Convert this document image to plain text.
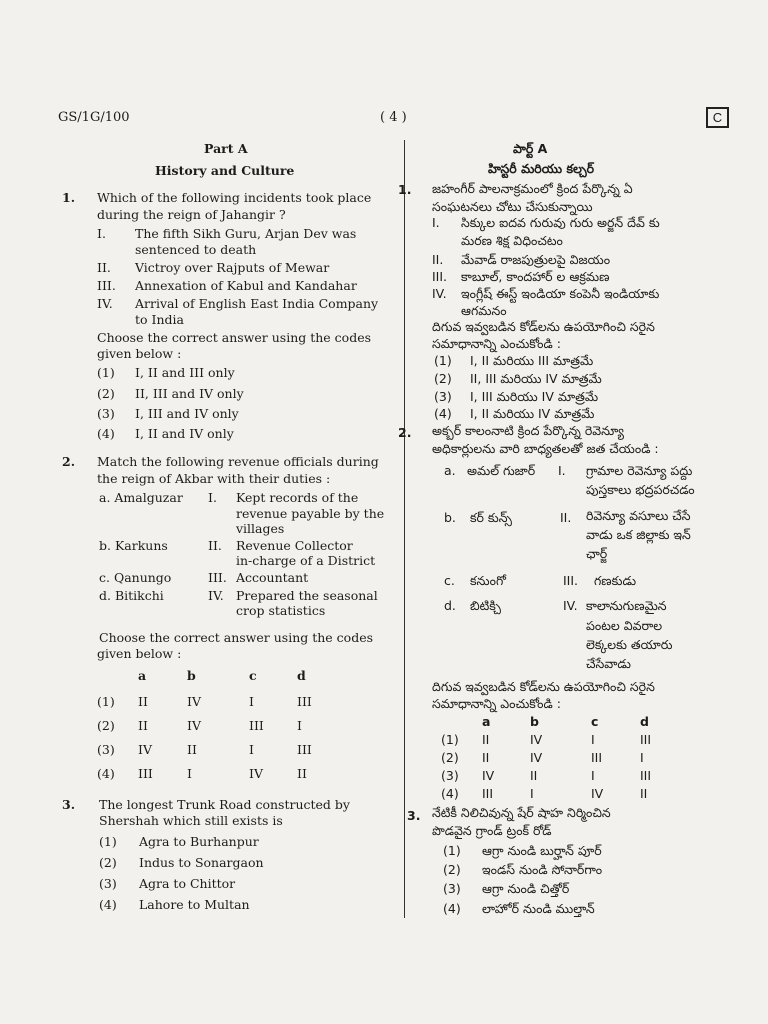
GS/1G/100	( 4 )	C
Part A
History and Culture
1. Which of the following incidents took place
during the reign of Jahangir ?
I. The fifth Sikh Guru, Arjan Dev was
sentenced to death
II. Victroy over Rajputs of Mewar
III. Annexation of Kabul and Kandahar
IV. Arrival of English East India Company
to India
Choose the correct answer using the codes
given below :
(1) I, II and III only
(2) II, III and IV only
(3) I, III and IV only
(4) I, II and IV only
2. Match the following revenue officials during
the reign of Akbar with their duties :
a. Amalguzar I. Kept records of the
revenue payable by the
villages
b. Karkuns	II. Revenue Collector
in-charge of a District
c. Qanungo	III. Accountant
d. Bitikchi	IV. Prepared the seasonal
crop statistics
Choose the correct answer using the codes
given below :
a	b	c	d
(1) II	IV	I	III
(2) II	IV	III	I
(3) IV	II	I	III
(4) III	I	IV	II
3. The longest Trunk Road constructed by
Shershah which still exists is
(1) Agra to Burhanpur
(2) Indus to Sonargaon
(3) Agra to Chittor
(4) Lahore to Multan
పార్ట్ A
హిస్టరీ మరియు కల్చర్
1. జహంగీర్ పాలనాక్రమంలో క్రింద పేర్కొన్న ఏ
సంఘటనలు చోటు చేసుకున్నాయి
I. సిక్కుల ఐదవ గురువు గురు అర్జన్ దేవ్ కు
మరణ శిక్ష విధించటం
II. మేవాడ్ రాజపుత్రులపై విజయం
III. కాబూల్, కాందహార్ ల ఆక్రమణ
IV. ఇంగ్లీష్ ఈస్ట్ ఇండియా కంపెనీ ఇండియాకు
ఆగమనం
దిగువ ఇవ్వబడిన కోడ్‌లను ఉపయోగించి సరైన
సమాధానాన్ని ఎంచుకోండి :
(1) I, II మరియు III మాత్రమే
(2) II, III మరియు IV మాత్రమే
(3) I, III మరియు IV మాత్రమే
(4) I, II మరియు IV మాత్రమే
2. అక్బర్ కాలంనాటి క్రింద పేర్కొన్న రెవెన్యూ
అధికార్లులను వారి బాధ్యతలతో జత చేయండి :
a. అమల్ గుజార్ I. గ్రామాల రెవెన్యూ పద్దు
పుస్తకాలు భద్రపరచడం
b. కర్ కున్స్	II. రివెన్యూ వసూలు చేసే
వాడు ఒక జిల్లాకు ఇన్
ఛార్జ్
c. కనుంగో	III. గణకుడు
d. బిటిక్చి	IV. కాలానుగుణమైన
పంటల వివరాల
లెక్కలకు తయారు
చేసేవాడు
దిగువ ఇవ్వబడిన కోడ్‌లను ఉపయోగించి సరైన
సమాధానాన్ని ఎంచుకోండి :
a	b	c	d
(1) II	IV	I	III
(2) II	IV	III	I
(3) IV	II	I	III
(4) III	I	IV	II
3. నేటికీ నిలిచివున్న షేర్ షాహ నిర్మించిన
పొడవైన గ్రాండ్ ట్రంక్ రోడ్
(1) ఆగ్రా నుండి బుర్హాన్ పూర్
(2) ఇండస్ నుండి సోనార్‌గాం
(3) ఆగ్రా నుండి చిత్తోర్
(4) లాహోర్ నుండి ముల్తాన్
